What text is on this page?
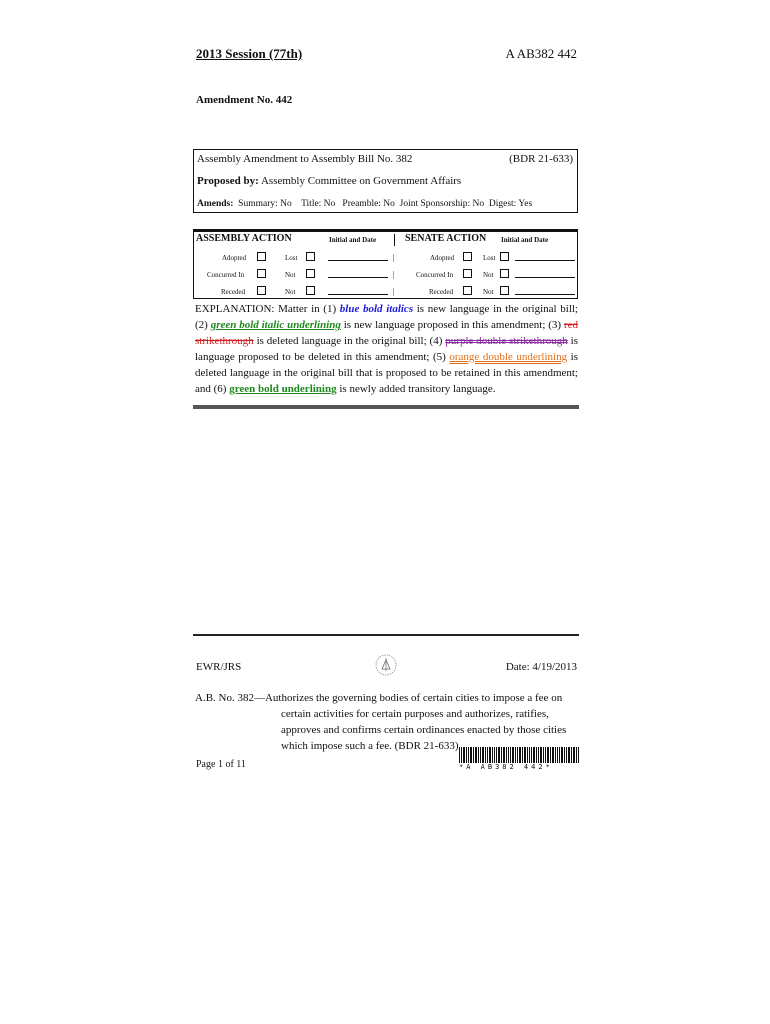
2013 Session (77th)	A AB382 442
Amendment No. 442
Assembly Amendment to Assembly Bill No. 382	(BDR 21-633)
Proposed by: Assembly Committee on Government Affairs
Amends:  Summary: No    Title: No   Preamble: No  Joint Sponsorship: No  Digest: Yes
ASSEMBLY ACTION	Initial and Date	SENATE ACTION Initial and Date
Adopted	Lost	|	Adopted	Lost
Concurred In	Not	|	Concurred In	Not
Receded	Not	|	Receded	Not
EXPLANATION: Matter in (1) blue bold italics is new language in the original bill; (2) green bold italic underlining is new language proposed in this amendment; (3) red strikethrough is deleted language in the original bill; (4) purple double strikethrough is language proposed to be deleted in this amendment; (5) orange double underlining is deleted language in the original bill that is proposed to be retained in this amendment; and (6) green bold underlining is newly added transitory language.
EWR/JRS	Date: 4/19/2013
A.B. No. 382—Authorizes the governing bodies of certain cities to impose a fee on
certain activities for certain purposes and authorizes, ratifies, approves and confirms certain ordinances enacted by those cities which impose such a fee. (BDR 21-633)
Page 1 of 11	*A AB382 442*
